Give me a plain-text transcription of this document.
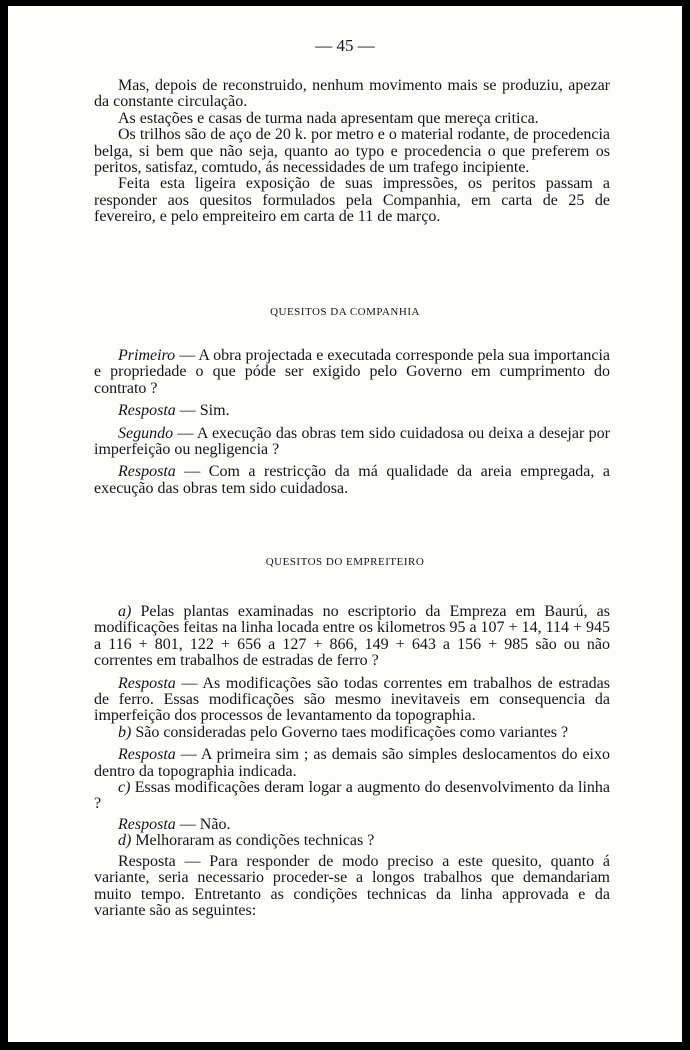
— 45 —

Mas, depois de reconstruido, nenhum movimento mais se produziu, apezar da constante circulação.

As estações e casas de turma nada apresentam que mereça critica.

Os trilhos são de aço de 20 k. por metro e o material rodante, de procedencia belga, si bem que não seja, quanto ao typo e procedencia o que preferem os peritos, satisfaz, comtudo, ás necessidades de um trafego incipiente.

Feita esta ligeira exposição de suas impressões, os peritos passam a responder aos quesitos formulados pela Companhia, em carta de 25 de fevereiro, e pelo empreiteiro em carta de 11 de março.

QUESITOS DA COMPANHIA

Primeiro — A obra projectada e executada corresponde pela sua importancia e propriedade o que póde ser exigido pelo Governo em cumprimento do contrato ?

Resposta — Sim.

Segundo — A execução das obras tem sido cuidadosa ou deixa a desejar por imperfeição ou negligencia ?

Resposta — Com a restricção da má qualidade da areia empregada, a execução das obras tem sido cuidadosa.

QUESITOS DO EMPREITEIRO

a) Pelas plantas examinadas no escriptorio da Empreza em Baurú, as modificações feitas na linha locada entre os kilometros 95 a 107 + 14, 114 + 945 a 116 + 801, 122 + 656 a 127 + 866, 149 + 643 a 156 + 985 são ou não correntes em trabalhos de estradas de ferro ?

Resposta — As modificações são todas correntes em trabalhos de estradas de ferro. Essas modificações são mesmo inevitaveis em consequencia da imperfeição dos processos de levantamento da topographia.

b) São consideradas pelo Governo taes modificações como variantes ?

Resposta — A primeira sim ; as demais são simples deslocamentos do eixo dentro da topographia indicada.

c) Essas modificações deram logar a augmento do desenvolvimento da linha ?

Resposta — Não.

d) Melhoraram as condições technicas ?

Resposta — Para responder de modo preciso a este quesito, quanto á variante, seria necessario proceder-se a longos trabalhos que demandariam muito tempo. Entretanto as condições technicas da linha approvada e da variante são as seguintes:
